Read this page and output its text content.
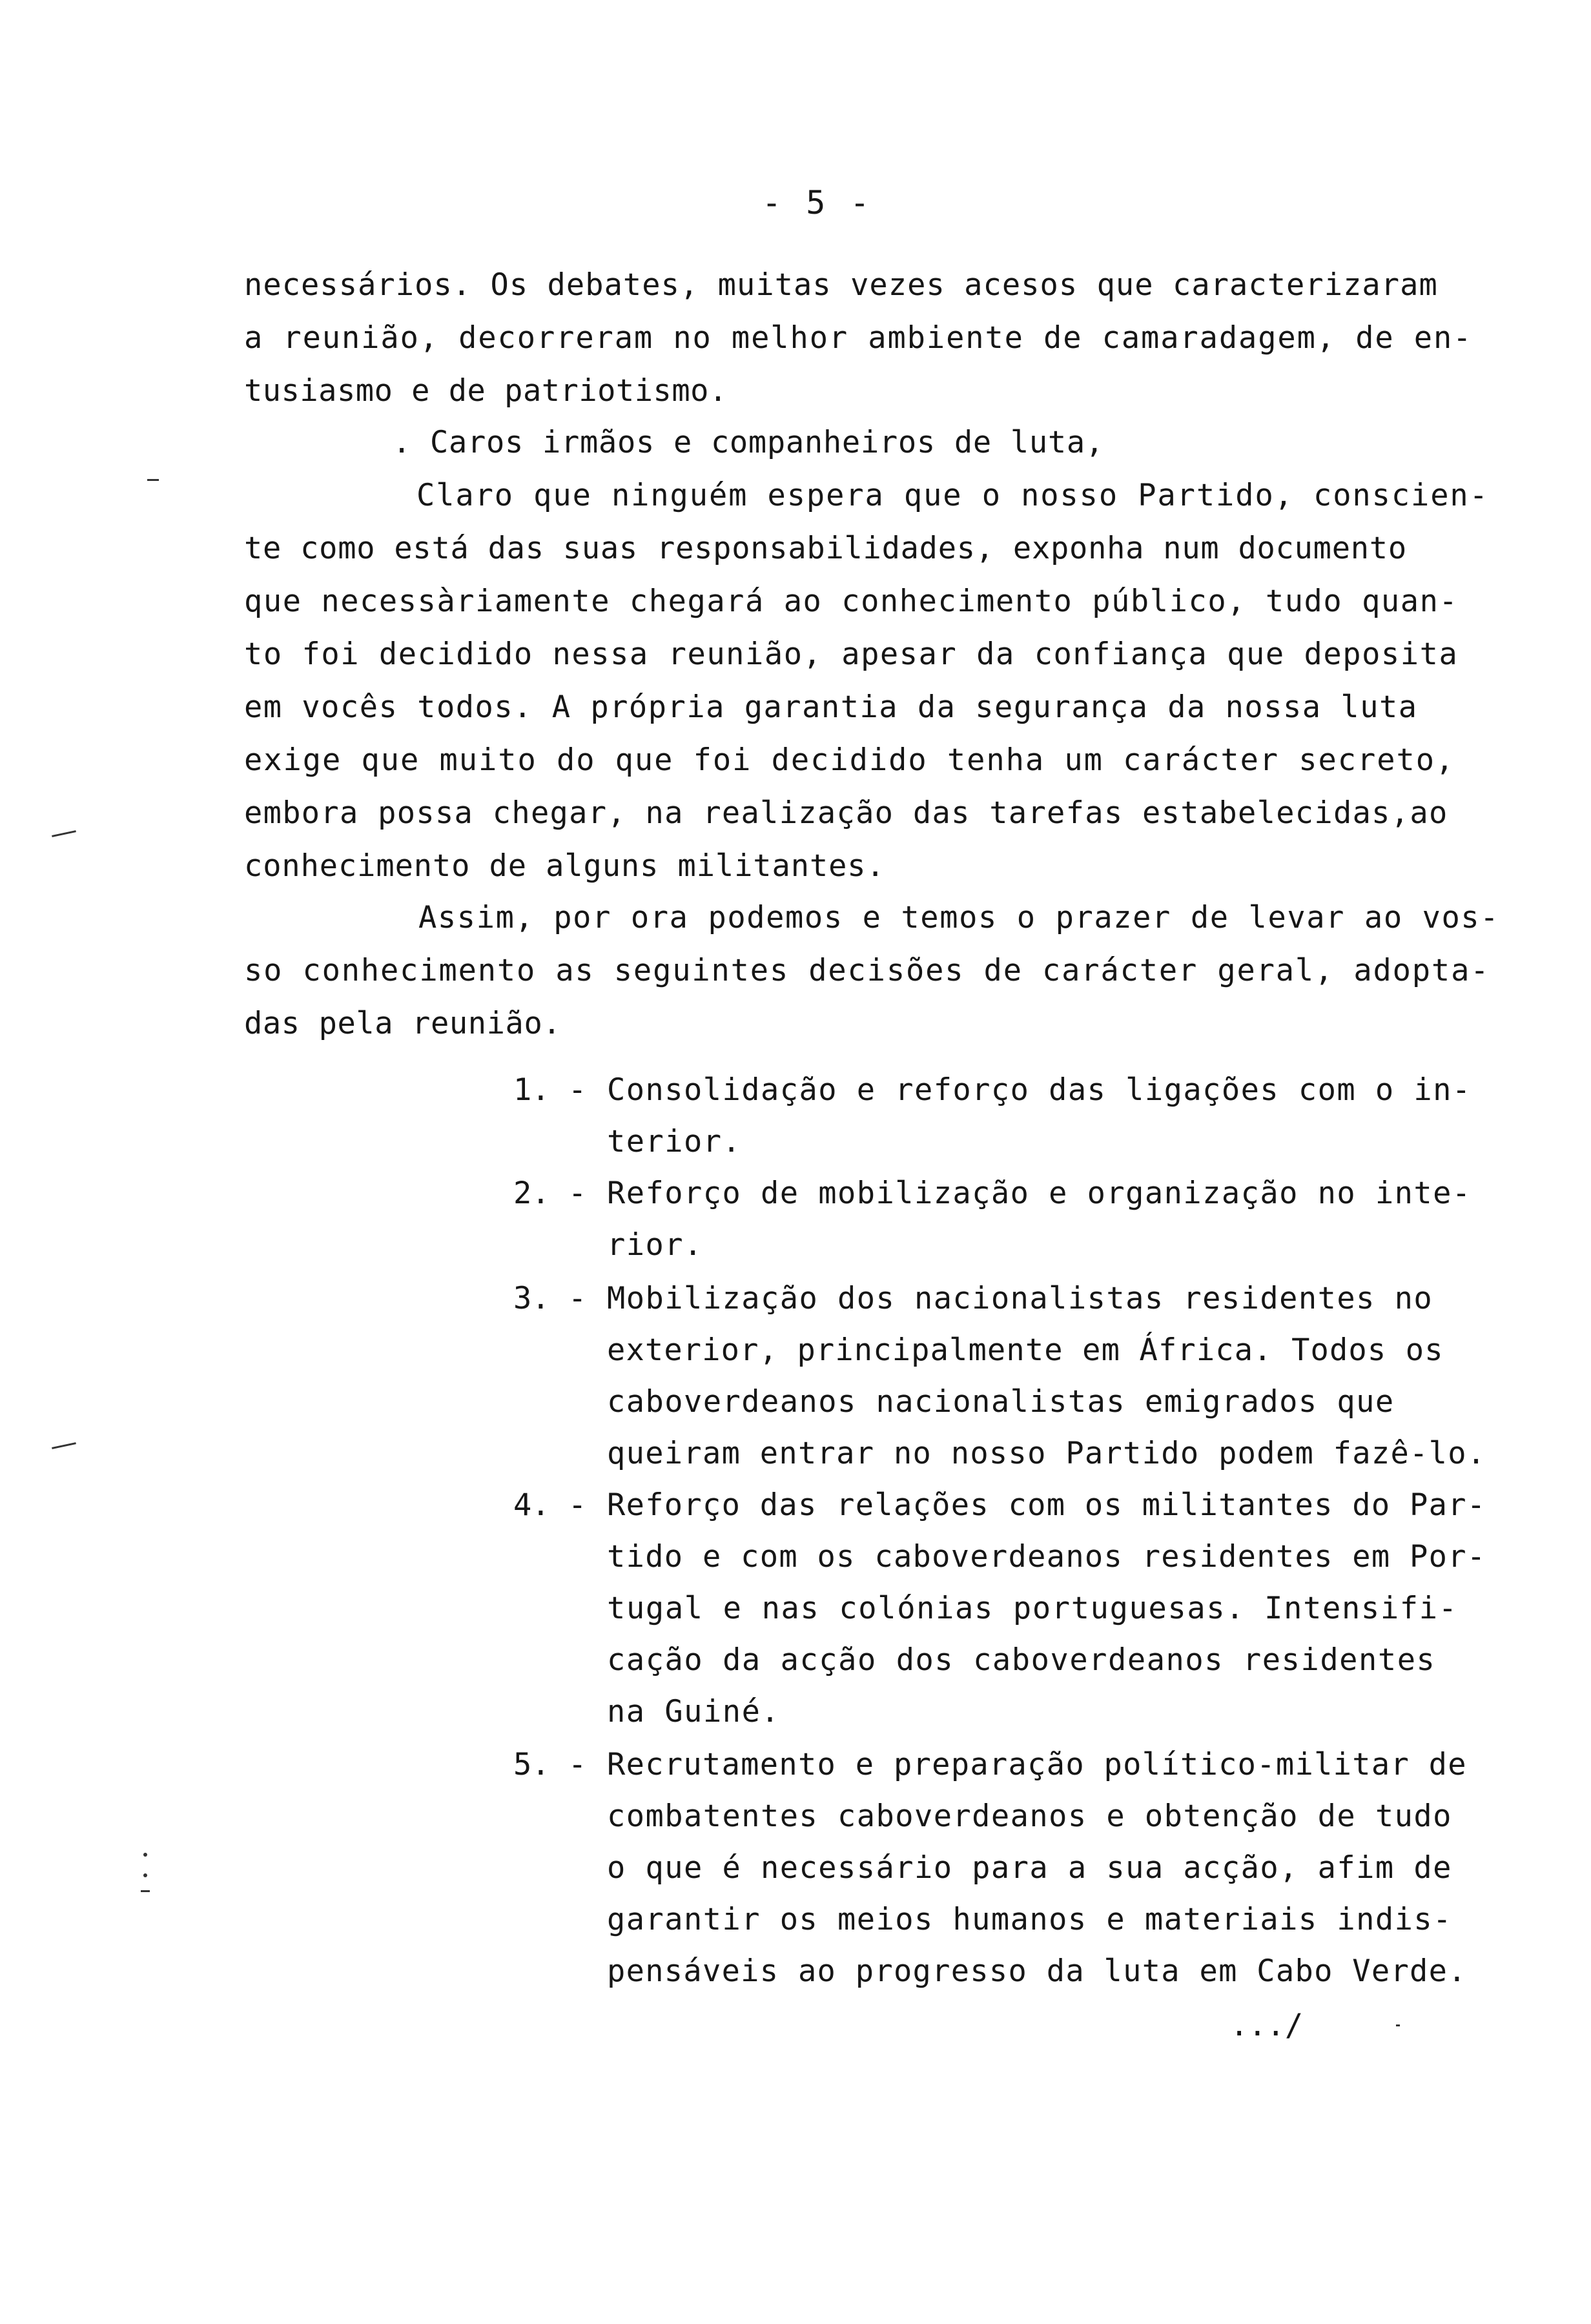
- 5 -
necessários. Os debates, muitas vezes acesos que caracterizaram
a reunião, decorreram no melhor ambiente de camaradagem, de en-
tusiasmo e de patriotismo.
. Caros irmãos e companheiros de luta,
Claro que ninguém espera que o nosso Partido, conscien-
te como está das suas responsabilidades, exponha num documento
que necessàriamente chegará ao conhecimento público, tudo quan-
to foi decidido nessa reunião, apesar da confiança que deposita
em vocês todos. A própria garantia da segurança da nossa luta
exige que muito do que foi decidido tenha um carácter secreto,
embora possa chegar, na realização das tarefas estabelecidas,ao
conhecimento de alguns militantes.
Assim, por ora podemos e temos o prazer de levar ao vos-
so conhecimento as seguintes decisões de carácter geral, adopta-
das pela reunião.
1. - Consolidação e reforço das ligações com o in-
terior.
2. - Reforço de mobilização e organização no inte-
rior.
3. - Mobilização dos nacionalistas residentes no
exterior, principalmente em África. Todos os
caboverdeanos nacionalistas emigrados que
queiram entrar no nosso Partido podem fazê-lo.
4. - Reforço das relações com os militantes do Par-
tido e com os caboverdeanos residentes em Por-
tugal e nas colónias portuguesas. Intensifi-
cação da acção dos caboverdeanos residentes
na Guiné.
5. - Recrutamento e preparação político-militar de
combatentes caboverdeanos e obtenção de tudo
o que é necessário para a sua acção, afim de
garantir os meios humanos e materiais indis-
pensáveis ao progresso da luta em Cabo Verde.
.../
